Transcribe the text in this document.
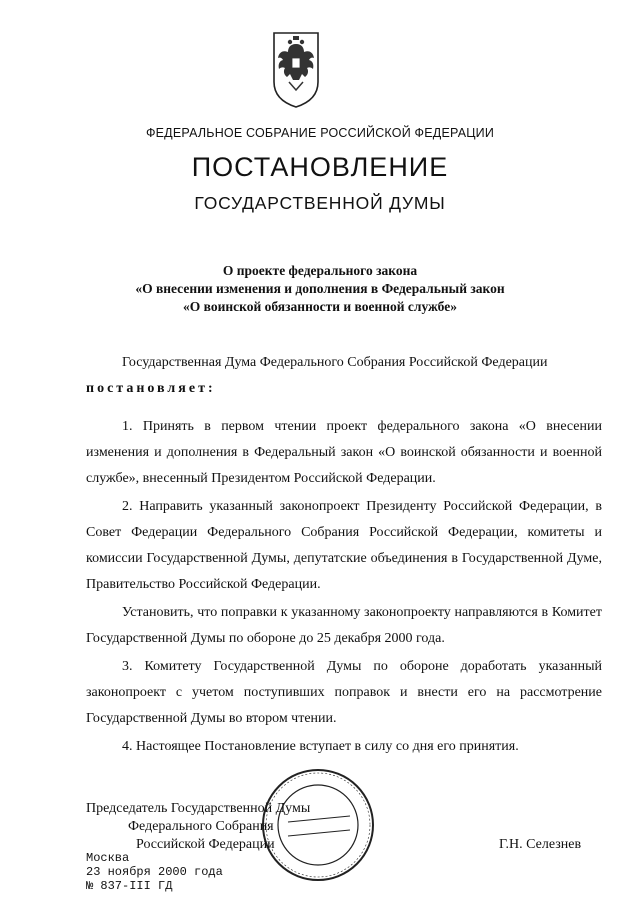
ФЕДЕРАЛЬНОЕ СОБРАНИЕ РОССИЙСКОЙ ФЕДЕРАЦИИ
ПОСТАНОВЛЕНИЕ
ГОСУДАРСТВЕННОЙ ДУМЫ
О проекте федерального закона
«О внесении изменения и дополнения в Федеральный закон
«О воинской обязанности и военной службе»
Государственная Дума Федерального Собрания Российской Федерации
постановляет:
1. Принять в первом чтении проект федерального закона «О внесении изменения и дополнения в Федеральный закон «О воинской обязанности и военной службе», внесенный Президентом Российской Федерации.
2. Направить указанный законопроект Президенту Российской Федерации, в Совет Федерации Федерального Собрания Российской Федерации, комитеты и комиссии Государственной Думы, депутатские объединения в Государственной Думе, Правительство Российской Федерации.
Установить, что поправки к указанному законопроекту направляются в Комитет Государственной Думы по обороне до 25 декабря 2000 года.
3. Комитету Государственной Думы по обороне доработать указанный законопроект с учетом поступивших поправок и внести его на рассмотрение Государственной Думы во втором чтении.
4. Настоящее Постановление вступает в силу со дня его принятия.
Председатель Государственной Думы
Федерального Собрания
Российской Федерации	Г.Н. Селезнев
Москва
23 ноября 2000 года
№ 837-III ГД
